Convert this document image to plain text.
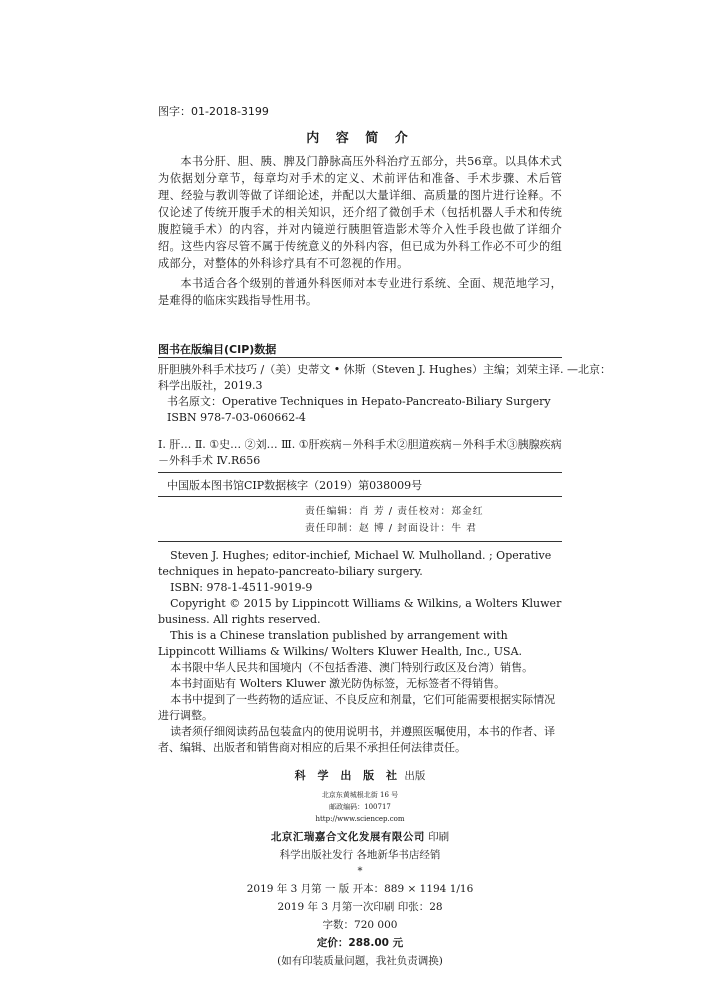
图字：01-2018-3199
内 容 简 介

本书分肝、胆、胰、脾及门静脉高压外科治疗五部分，共56章。以具体术式为依据划分章节，每章均对手术的定义、术前评估和准备、手术步骤、术后管理、经验与教训等做了详细论述，并配以大量详细、高质量的图片进行诠释。不仅论述了传统开腹手术的相关知识，还介绍了微创手术（包括机器人手术和传统腹腔镜手术）的内容，并对内镜逆行胰胆管造影术等介入性手段也做了详细介绍。这些内容尽管不属于传统意义的外科内容，但已成为外科工作必不可少的组成部分，对整体的外科诊疗具有不可忽视的作用。

本书适合各个级别的普通外科医师对本专业进行系统、全面、规范地学习，是难得的临床实践指导性用书。

图书在版编目(CIP)数据
肝胆胰外科手术技巧 /（美）史蒂文 • 休斯（Steven J. Hughes）主编；刘荣主译. —北京：
科学出版社，2019.3
书名原文：Operative Techniques in Hepato-Pancreato-Biliary Surgery
ISBN 978-7-03-060662-4
Ⅰ. 肝… Ⅱ. ①史… ②刘… Ⅲ. ①肝疾病－外科手术②胆道疾病－外科手术③胰腺疾病－外科手术 Ⅳ.R656
中国版本图书馆CIP数据核字（2019）第038009号
责任编辑：肖 芳 / 责任校对：郑金红
责任印制：赵 博 / 封面设计：牛 君

Steven J. Hughes; editor-inchief, Michael W. Mulholland. ; Operative techniques in hepato-pancreato-biliary surgery.

ISBN: 978-1-4511-9019-9

Copyright © 2015 by Lippincott Williams & Wilkins, a Wolters Kluwer business. All rights reserved.

This is a Chinese translation published by arrangement with Lippincott Williams & Wilkins/ Wolters Kluwer Health, Inc., USA.

本书限中华人民共和国境内（不包括香港、澳门特别行政区及台湾）销售。

本书封面贴有 Wolters Kluwer 激光防伪标签，无标签者不得销售。

本书中提到了一些药物的适应证、不良反应和剂量，它们可能需要根据实际情况进行调整。

读者须仔细阅读药品包装盒内的使用说明书，并遵照医嘱使用，本书的作者、译者、编辑、出版者和销售商对相应的后果不承担任何法律责任。

科 学 出 版 社 出版
北京东黄城根北街 16 号
邮政编码：100717
http://www.sciencep.com
北京汇瑞嘉合文化发展有限公司 印刷
科学出版社发行 各地新华书店经销
*
2019 年 3 月第 一 版 开本：889 × 1194 1/16
2019 年 3 月第一次印刷 印张：28
字数：720 000
定价：288.00 元
(如有印装质量问题，我社负责调换)
